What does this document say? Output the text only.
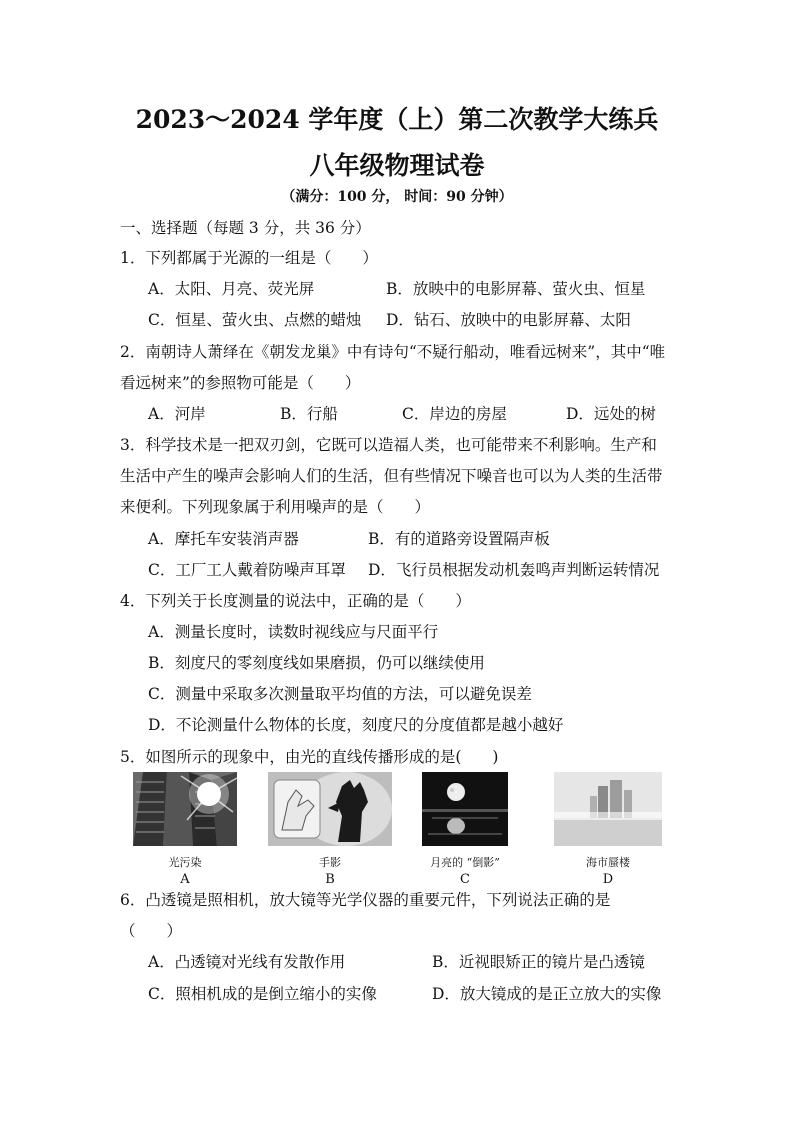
2023～2024 学年度（上）第二次教学大练兵
八年级物理试卷
（满分：100 分， 时间：90 分钟）
一、选择题（每题 3 分，共 36 分）
1．下列都属于光源的一组是（　　）
A．太阳、月亮、荧光屏	B．放映中的电影屏幕、萤火虫、恒星
C．恒星、萤火虫、点燃的蜡烛 D．钻石、放映中的电影屏幕、太阳
2．南朝诗人萧绎在《朝发龙巢》中有诗句“不疑行船动，唯看远树来”，其中“唯
看远树来”的参照物可能是（　　）
A．河岸	B．行船	C．岸边的房屋	D．远处的树
3．科学技术是一把双刃剑，它既可以造福人类，也可能带来不利影响。生产和
生活中产生的噪声会影响人们的生活，但有些情况下噪音也可以为人类的生活带
来便利。下列现象属于利用噪声的是（　　）
A．摩托车安装消声器	B．有的道路旁设置隔声板
C．工厂工人戴着防噪声耳罩 D．飞行员根据发动机轰鸣声判断运转情况
4．下列关于长度测量的说法中，正确的是（　　）
A．测量长度时，读数时视线应与尺面平行
B．刻度尺的零刻度线如果磨损，仍可以继续使用
C．测量中采取多次测量取平均值的方法，可以避免误差
D．不论测量什么物体的长度，刻度尺的分度值都是越小越好
5．如图所示的现象中，由光的直线传播形成的是(　　)
光污染
A
手影
B
月亮的 “倒影”
C
海市蜃楼
D
6．凸透镜是照相机，放大镜等光学仪器的重要元件，下列说法正确的是
（　　）
A．凸透镜对光线有发散作用	B．近视眼矫正的镜片是凸透镜
C．照相机成的是倒立缩小的实像	D．放大镜成的是正立放大的实像
